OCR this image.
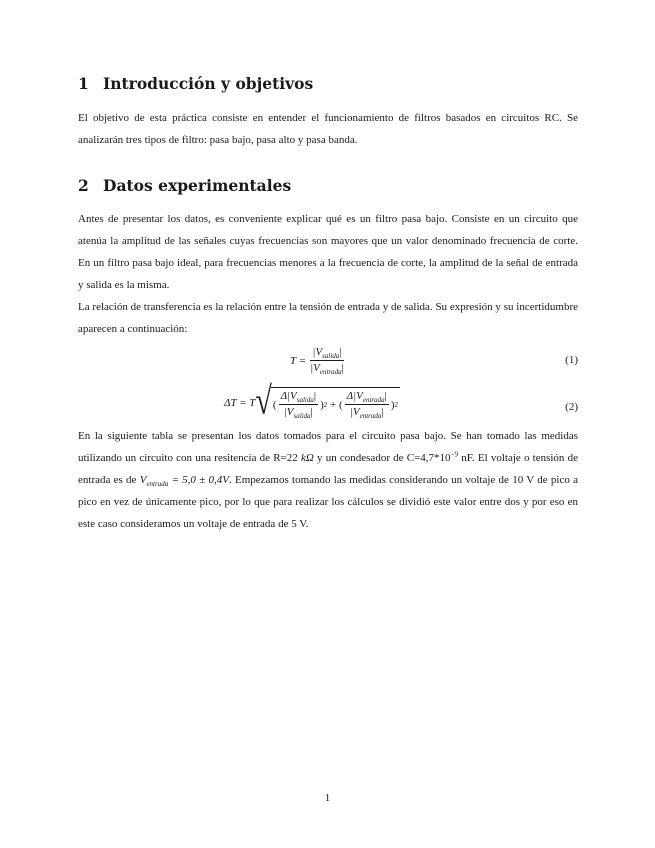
1 Introducción y objetivos

El objetivo de esta práctica consiste en entender el funcionamiento de filtros basados en circuitos RC. Se analizarán tres tipos de filtro: pasa bajo, pasa alto y pasa banda.

2 Datos experimentales

Antes de presentar los datos, es conveniente explicar qué es un filtro pasa bajo. Consiste en un circuito que atenúa la amplitud de las señales cuyas frecuencias son mayores que un valor denominado frecuencia de corte. En un filtro pasa bajo ideal, para frecuencias menores a la frecuencia de corte, la amplitud de la señal de entrada y salida es la misma.

La relación de transferencia es la relación entre la tensión de entrada y de salida. Su expresión y su incertidumbre aparecen a continuación:

$T = \frac{|V_{salida}|}{|V_{entrada}|}$	(1)
ΔT = T √ ( $\frac{\Delta|V_{salida}|}{|V_{salida}|}$ ) 2 + ( $\frac{\Delta|V_{entrada}|}{|V_{entrada}|}$ ) 2	(2)

En la siguiente tabla se presentan los datos tomados para el circuito pasa bajo. Se han tomado las medidas utilizando un circuito con una resitencia de R=22 kΩ y un condesador de $C=4,7*10^{-9}$ nF. El voltaje o tensión de entrada es de $V_{entrada} = 5,0 \pm 0,4V$. Empezamos tomando las medidas considerando un voltaje de 10 V de pico a pico en vez de únicamente pico, por lo que para realizar los cálculos se dividió este valor entre dos y por eso en este caso consideramos un voltaje de entrada de 5 V.

1
